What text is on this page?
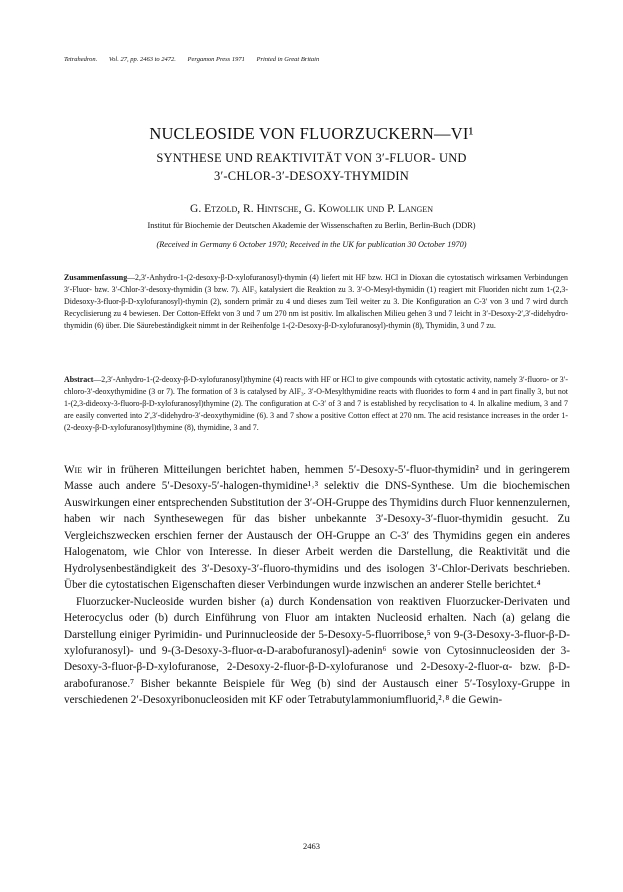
Tetrahedron. Vol. 27, pp. 2463 to 2472. Pergamon Press 1971 Printed in Great Britain
NUCLEOSIDE VON FLUORZUCKERN—VI¹
SYNTHESE UND REAKTIVITÄT VON 3′-FLUOR- UND
3′-CHLOR-3′-DESOXY-THYMIDIN
G. Etzold, R. Hintsche, G. Kowollik und P. Langen
Institut für Biochemie der Deutschen Akademie der Wissenschaften zu Berlin, Berlin-Buch (DDR)
(Received in Germany 6 October 1970; Received in the UK for publication 30 October 1970)
Zusammenfassung—2,3′-Anhydro-1-(2-desoxy-β-D-xylofuranosyl)-thymin (4) liefert mit HF bzw. HCl in Dioxan die cytostatisch wirksamen Verbindungen 3′-Fluor- bzw. 3′-Chlor-3′-desoxy-thymidin (3 bzw. 7). AlF₃ katalysiert die Reaktion zu 3. 3′-O-Mesyl-thymidin (1) reagiert mit Fluoriden nicht zum 1-(2,3-Didesoxy-3-fluor-β-D-xylofuranosyl)-thymin (2), sondern primär zu 4 und dieses zum Teil weiter zu 3. Die Konfiguration an C-3′ von 3 und 7 wird durch Recyclisierung zu 4 bewiesen. Der Cotton-Effekt von 3 und 7 um 270 nm ist positiv. Im alkalischen Milieu gehen 3 und 7 leicht in 3′-Desoxy-2′,3′-didehydro-thymidin (6) über. Die Säurebeständigkeit nimmt in der Reihenfolge 1-(2-Desoxy-β-D-xylofuranosyl)-thymin (8), Thymidin, 3 und 7 zu.
Abstract—2,3′-Anhydro-1-(2-deoxy-β-D-xylofuranosyl)thymine (4) reacts with HF or HCl to give compounds with cytostatic activity, namely 3′-fluoro- or 3′-chloro-3′-deoxythymidine (3 or 7). The formation of 3 is catalysed by AlF₃. 3′-O-Mesylthymidine reacts with fluorides to form 4 and in part finally 3, but not 1-(2,3-dideoxy-3-fluoro-β-D-xylofuranosyl)thymine (2). The configuration at C-3′ of 3 and 7 is established by recyclisation to 4. In alkaline medium, 3 and 7 are easily converted into 2′,3′-didehydro-3′-deoxythymidine (6). 3 and 7 show a positive Cotton effect at 270 nm. The acid resistance increases in the order 1-(2-deoxy-β-D-xylofuranosyl)thymine (8), thymidine, 3 and 7.

Wie wir in früheren Mitteilungen berichtet haben, hemmen 5′-Desoxy-5′-fluor-thymidin² und in geringerem Masse auch andere 5′-Desoxy-5′-halogen-thymidine¹˒³ selektiv die DNS-Synthese. Um die biochemischen Auswirkungen einer entsprechenden Substitution der 3′-OH-Gruppe des Thymidins durch Fluor kennenzulernen, haben wir nach Synthesewegen für das bisher unbekannte 3′-Desoxy-3′-fluor-thymidin gesucht. Zu Vergleichszwecken erschien ferner der Austausch der OH-Gruppe an C-3′ des Thymidins gegen ein anderes Halogenatom, wie Chlor von Interesse. In dieser Arbeit werden die Darstellung, die Reaktivität und die Hydrolysenbeständigkeit des 3′-Desoxy-3′-fluoro-thymidins und des isologen 3′-Chlor-Derivats beschrieben. Über die cytostatischen Eigenschaften dieser Verbindungen wurde inzwischen an anderer Stelle berichtet.⁴

Fluorzucker-Nucleoside wurden bisher (a) durch Kondensation von reaktiven Fluorzucker-Derivaten und Heterocyclus oder (b) durch Einführung von Fluor am intakten Nucleosid erhalten. Nach (a) gelang die Darstellung einiger Pyrimidin- und Purinnucleoside der 5-Desoxy-5-fluorribose,⁵ von 9-(3-Desoxy-3-fluor-β-D-xylofuranosyl)- und 9-(3-Desoxy-3-fluor-α-D-arabofuranosyl)-adenin⁶ sowie von Cytosinnucleosiden der 3-Desoxy-3-fluor-β-D-xylofuranose, 2-Desoxy-2-fluor-β-D-xylofuranose und 2-Desoxy-2-fluor-α- bzw. β-D-arabofuranose.⁷ Bisher bekannte Beispiele für Weg (b) sind der Austausch einer 5′-Tosyloxy-Gruppe in verschiedenen 2′-Desoxyribonucleosiden mit KF oder Tetrabutylammoniumfluorid,²˒⁸ die Gewin-

2463
